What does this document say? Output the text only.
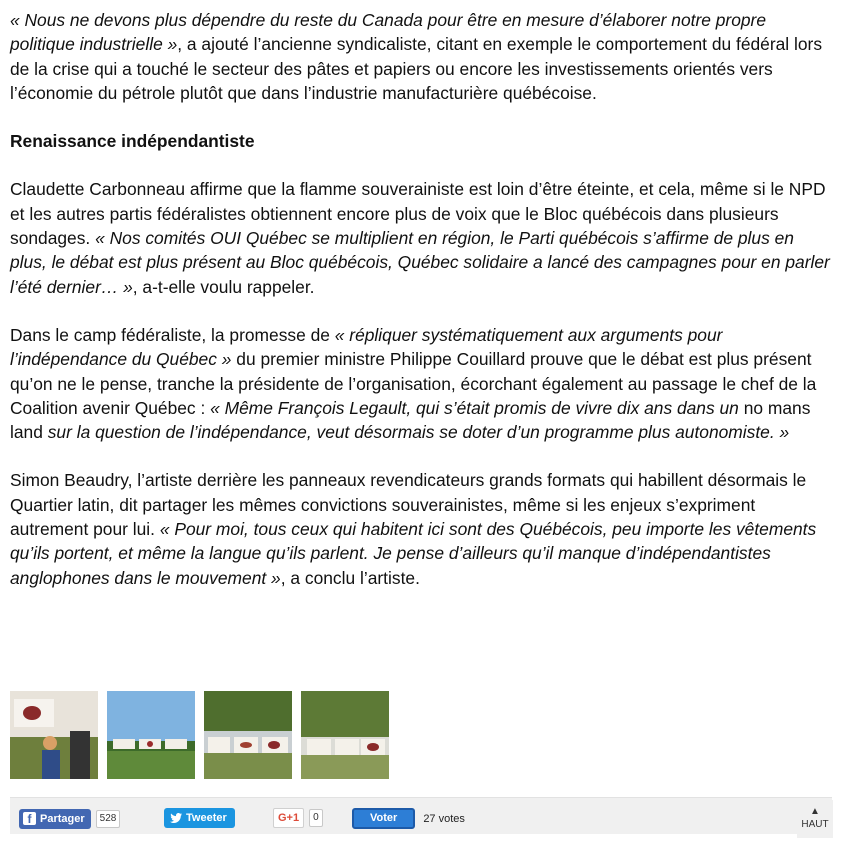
« Nous ne devons plus dépendre du reste du Canada pour être en mesure d’élaborer notre propre politique industrielle », a ajouté l’ancienne syndicaliste, citant en exemple le comportement du fédéral lors de la crise qui a touché le secteur des pâtes et papiers ou encore les investissements orientés vers l’économie du pétrole plutôt que dans l’industrie manufacturière québécoise.

Renaissance indépendantiste

Claudette Carbonneau affirme que la flamme souverainiste est loin d’être éteinte, et cela, même si le NPD et les autres partis fédéralistes obtiennent encore plus de voix que le Bloc québécois dans plusieurs sondages. « Nos comités OUI Québec se multiplient en région, le Parti québécois s’affirme de plus en plus, le débat est plus présent au Bloc québécois, Québec solidaire a lancé des campagnes pour en parler l’été dernier… », a-t-elle voulu rappeler.

Dans le camp fédéraliste, la promesse de « répliquer systématiquement aux arguments pour l’indépendance du Québec » du premier ministre Philippe Couillard prouve que le débat est plus présent qu’on ne le pense, tranche la présidente de l’organisation, écorchant également au passage le chef de la Coalition avenir Québec : « Même François Legault, qui s’était promis de vivre dix ans dans un no mans land sur la question de l’indépendance, veut désormais se doter d’un programme plus autonomiste. »

Simon Beaudry, l’artiste derrière les panneaux revendicateurs grands formats qui habillent désormais le Quartier latin, dit partager les mêmes convictions souverainistes, même si les enjeux s’expriment autrement pour lui. « Pour moi, tous ceux qui habitent ici sont des Québécois, peu importe les vêtements qu’ils portent, et même la langue qu’ils parlent. Je pense d’ailleurs qu’il manque d’indépendantistes anglophones dans le mouvement », a conclu l’artiste.

f Partager	528	Tweeter	G+1	0	Voter	27 votes
▲
HAUT
